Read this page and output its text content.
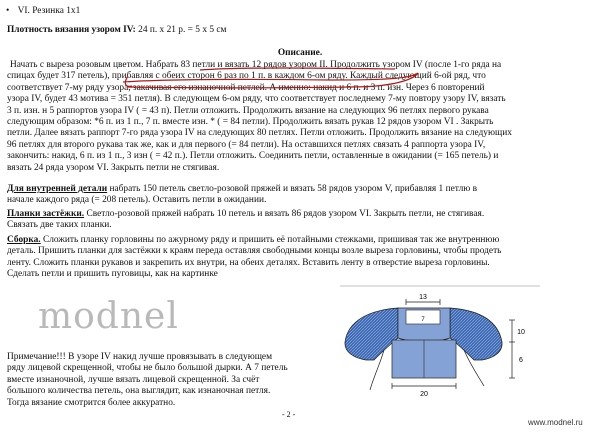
• VI. Резинка 1х1
Плотность вязания узором IV: 24 п. х 21 р. = 5 х 5 см
Описание.
Начать с выреза розовым цветом. Набрать 83 петли и вязать 12 рядов узором II. Продолжить узором IV (после 1-го ряда на
спицах будет 317 петель), прибавляя с обеих сторон 6 раз по 1 п. в каждом 6-ом ряду. Каждый следующий 6-ой ряд, что
соответствует 7-му ряду узора, закачивая его изнаночной петлей. А именно: накид и 6 п. и 3 п. изн. Через 6 повторений
узора IV, будет 43 мотива = 351 петля). В следующем 6-ом ряду, что соответствует последнему 7-му повтору узору IV, вязать
3 п. изн. н 5 раппортов узора IV ( = 43 п). Петли отложить. Продолжить вязание на следующих 96 петлях первого рукава
следующим образом: *6 п. из 1 п., 7 п. вместе изн. * ( = 84 петли). Продолжить вязать рукав 12 рядов узором VI . Закрыть
петли. Далее вязать раппорт 7-го ряда узора IV на следующих 80 петлях. Петли отложить. Продолжить вязание на следующих
96 петлях для второго рукава так же, как и для первого (= 84 петли). На оставшихся петлях связать 4 раппорта узора IV,
закончить: накид, 6 п. из 1 п., 3 изн ( = 42 п.). Петли отложить. Соединить петли, оставленные в ожидании (= 165 петель) и
вязать 24 ряда узором VI. Закрыть петли не стягивая.
Для внутренней детали набрать 150 петель светло-розовой пряжей и вязать 58 рядов узором V, прибавляя 1 петлю в
начале каждого ряда (= 208 петель). Оставить петли в ожидании.
Планки застёжки. Светло-розовой пряжей набрать 10 петель и вязать 86 рядов узором VI. Закрыть петли, не стягивая.
Связать две таких планки.
Сборка. Сложить планку горловины по ажурному ряду и пришить её потайными стежками, пришивая так же внутреннюю
деталь. Пришить планки для застёжки к краям переда оставляя свободными концы возле выреза горловины, чтобы продеть
ленту. Сложить планки рукавов и закрепить их внутри, на обеих деталях. Вставить ленту в отверстие выреза горловины.
Сделать петли и пришить пуговицы, как на картинке
modnel
Примечание!!! В узоре IV накид лучше провязывать в следующем
ряду лицевой скрещенной, чтобы не было большой дырки. А 7 петель
вместе изнаночной, лучше вязать лицевой скрещенной. За счёт
большого количества петель, она выглядит, как изнаночная петля.
Тогда вязание смотрится более аккуратно.
13
7
10
6
20
- 2 -
www.modnel.ru
